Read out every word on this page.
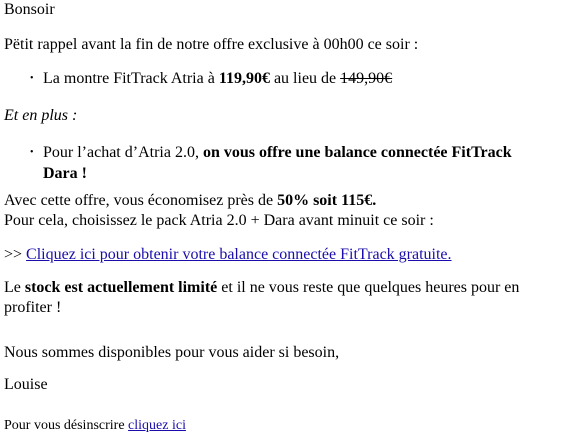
Bonsoir
Pëtit rappel avant la fin de notre offre exclusive à 00h00 ce soir :
• La montre FitTrack Atria à 119,90€ au lieu de 149,90€
Et en plus :
• Pour l’achat d’Atria 2.0, on vous offre une balance connectée FitTrack
Dara !
Avec cette offre, vous économisez près de 50% soit 115€.
Pour cela, choisissez le pack Atria 2.0 + Dara avant minuit ce soir :
>> Cliquez ici pour obtenir votre balance connectée FitTrack gratuite.
Le stock est actuellement limité et il ne vous reste que quelques heures pour en
profiter !
Nous sommes disponibles pour vous aider si besoin,
Louise
Pour vous désinscrire cliquez ici
